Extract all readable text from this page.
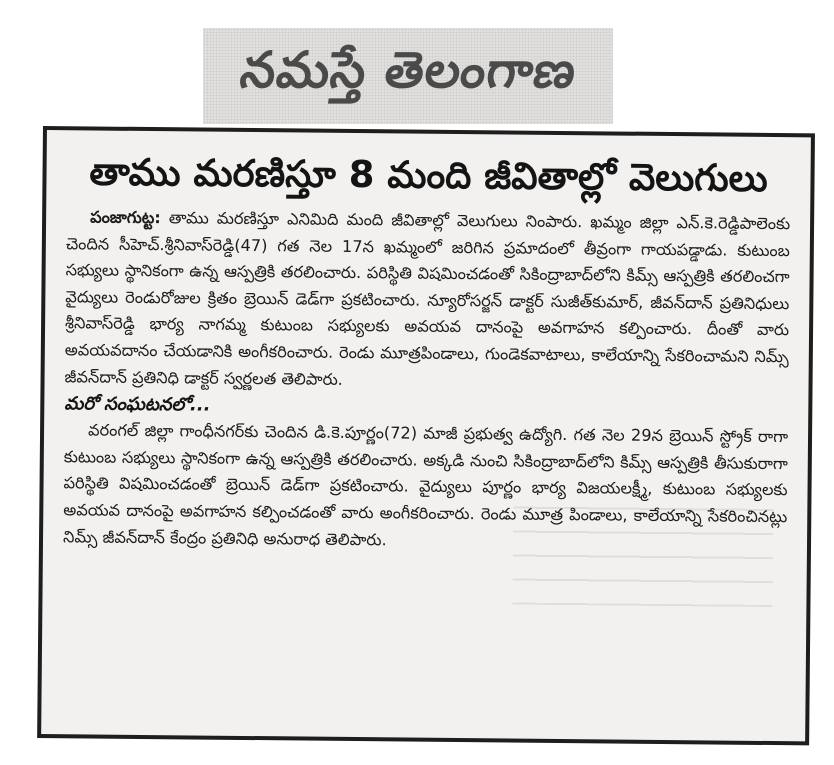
నమస్తే తెలంగాణ
తాము మరణిస్తూ 8 మంది జీవితాల్లో వెలుగులు

పంజాగుట్ట: తాము మరణిస్తూ ఎనిమిది మంది జీవితాల్లో వెలుగులు నింపారు. ఖమ్మం జిల్లా ఎన్.కె.రెడ్డిపాలెంకు చెందిన సీహెచ్.శ్రీనివాస్‌రెడ్డి(47) గత నెల 17న ఖమ్మంలో జరిగిన ప్రమాదంలో తీవ్రంగా గాయపడ్డాడు. కుటుంబ సభ్యులు స్థానికంగా ఉన్న ఆస్పత్రికి తరలించారు. పరిస్థితి విషమించడంతో సికింద్రాబాద్‌లోని కిమ్స్ ఆస్పత్రికి తరలించగా వైద్యులు రెండురోజుల క్రితం బ్రెయిన్ డెడ్‌గా ప్రకటించారు. న్యూరోసర్జన్ డాక్టర్ సుజీత్‌కుమార్, జీవన్‌దాన్ ప్రతినిధులు శ్రీనివాస్‌రెడ్డి భార్య నాగమ్మ కుటుంబ సభ్యులకు అవయవ దానంపై అవగాహన కల్పించారు. దీంతో వారు అవయవదానం చేయడానికి అంగీకరించారు. రెండు మూత్రపిండాలు, గుండెకవాటాలు, కాలేయాన్ని సేకరించామని నిమ్స్ జీవన్‌దాన్ ప్రతినిధి డాక్టర్ స్వర్ణలత తెలిపారు.

మరో సంఘటనలో...

వరంగల్ జిల్లా గాంధీనగర్‌కు చెందిన డి.కె.పూర్ణం(72) మాజీ ప్రభుత్వ ఉద్యోగి. గత నెల 29న బ్రెయిన్ స్ట్రోక్ రాగా కుటుంబ సభ్యులు స్థానికంగా ఉన్న ఆస్పత్రికి తరలించారు. అక్కడి నుంచి సికింద్రాబాద్‌లోని కిమ్స్ ఆస్పత్రికి తీసుకురాగా పరిస్థితి విషమించడంతో బ్రెయిన్ డెడ్‌గా ప్రకటించారు. వైద్యులు పూర్ణం భార్య విజయలక్ష్మీ, కుటుంబ సభ్యులకు అవయవ దానంపై అవగాహన కల్పించడంతో వారు అంగీకరించారు. రెండు మూత్ర పిండాలు, కాలేయాన్ని సేకరించినట్లు నిమ్స్ జీవన్‌దాన్ కేంద్రం ప్రతినిధి అనురాధ తెలిపారు.
